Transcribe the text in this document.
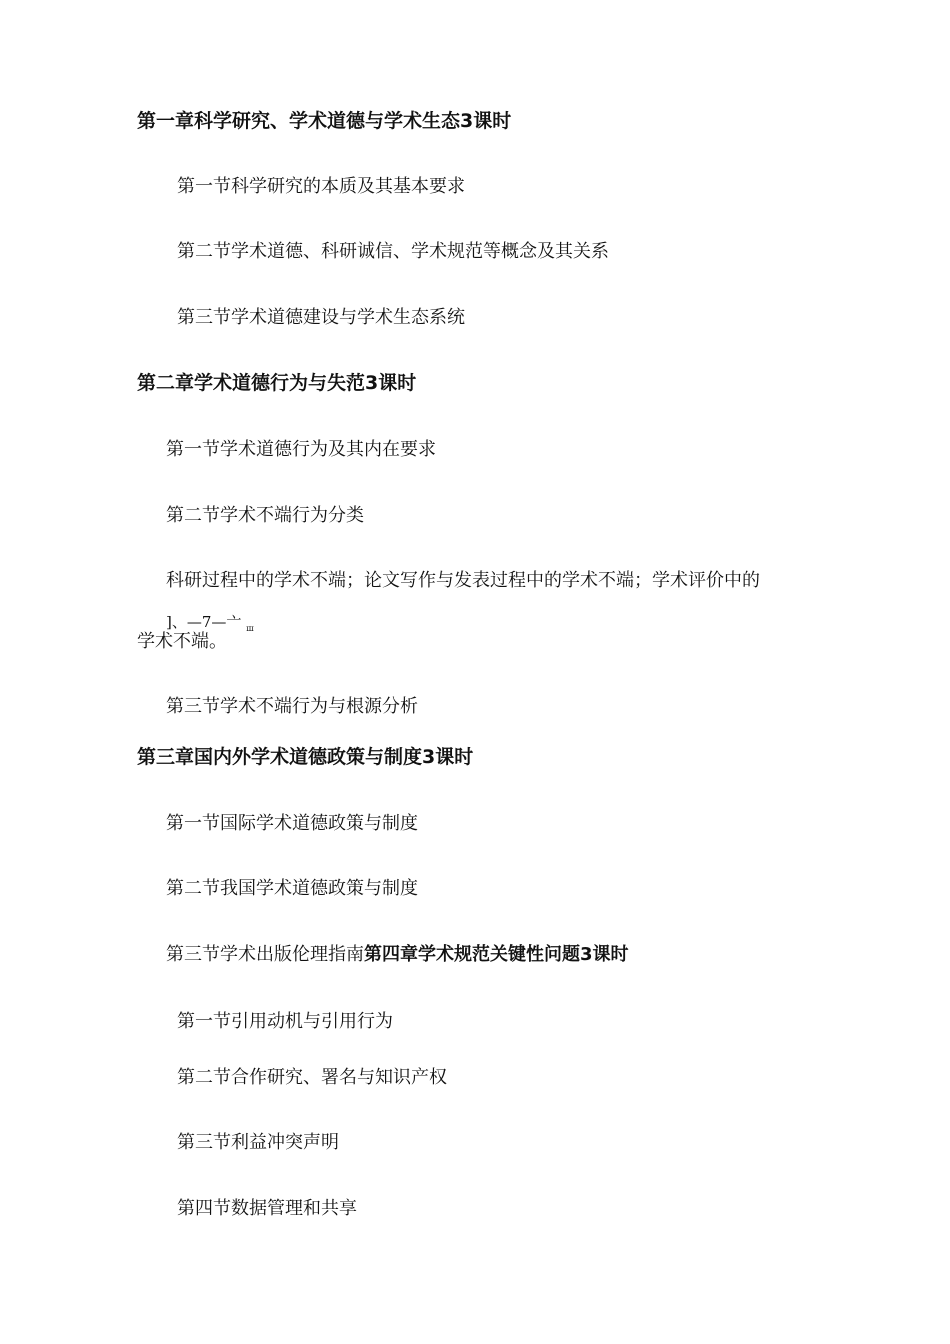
第一章科学研究、学术道德与学术生态3课时
第一节科学研究的本质及其基本要求
第二节学术道德、科研诚信、学术规范等概念及其关系
第三节学术道德建设与学术生态系统
第二章学术道德行为与失范3课时
第一节学术道德行为及其内在要求
第二节学术不端行为分类
科研过程中的学术不端；论文写作与发表过程中的学术不端；学术评价中的
]、—7—亠 $_ш$
学术不端。
第三节学术不端行为与根源分析
第三章国内外学术道德政策与制度3课时
第一节国际学术道德政策与制度
第二节我国学术道德政策与制度
第三节学术出版伦理指南第四章学术规范关键性问题3课时
第一节引用动机与引用行为
第二节合作研究、署名与知识产权
第三节利益冲突声明
第四节数据管理和共享
